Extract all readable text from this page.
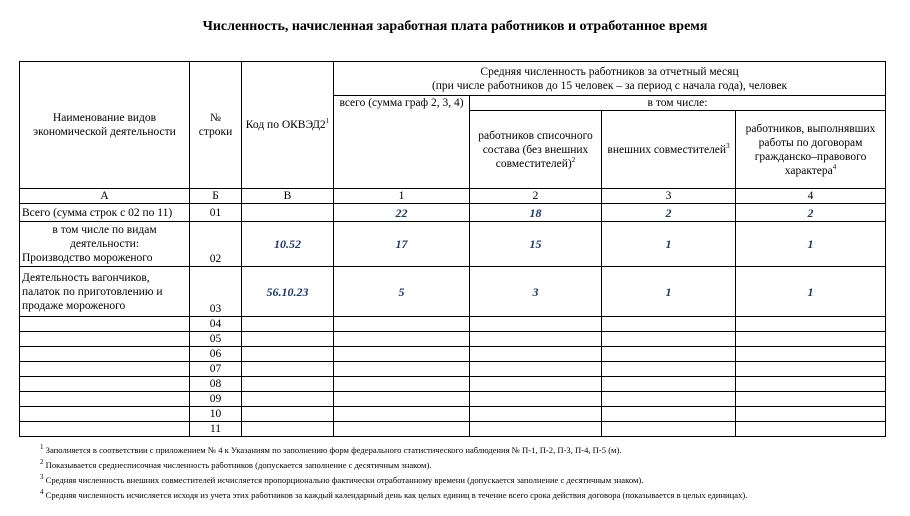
Численность, начисленная заработная плата работников и отработанное время
Наименование видов экономической деятельности	№ строки	Код по $ОКВЭД2^1$	Средняя численность работников за отчетный месяц
(при числе работников до 15 человек – за период с начала года), человек			

			всего (сумма граф 2, 3, 4)	в том числе:		
				работников списочного состава (без внешних совместителей)$^2$	внешних совместителей$^3$	работников, выполнявших работы по договорам гражданско–правового характера$^4$
А	Б	В	1	2	3	4
Всего (сумма строк с 02 по 11)	01		22	18	2	2

в том числе по видам деятельности:
Производство мороженого	02	10.52	17	15	1	1
Деятельность вагончиков, палаток по приготовлению и продаже мороженого	03	56.10.23	5	3	1	1
	04					
	05					
	06					
	07					
	08					
	09					
	10					
	11					
$^1$ Заполняется в соответствии с приложением № 4 к Указаниям по заполнению форм федерального статистического наблюдения № П-1, П-2, П-3, П-4, П-5 (м).
$^2$ Показывается среднесписочная численность работников (допускается заполнение с десятичным знаком).
$^3$ Средняя численность внешних совместителей исчисляется пропорционально фактически отработанному времени (допускается заполнение с десятичным знаком).
$^4$ Средняя численность исчисляется исходя из учета этих работников за каждый календарный день как целых единиц в течение всего срока действия договора (показывается в целых единицах).
